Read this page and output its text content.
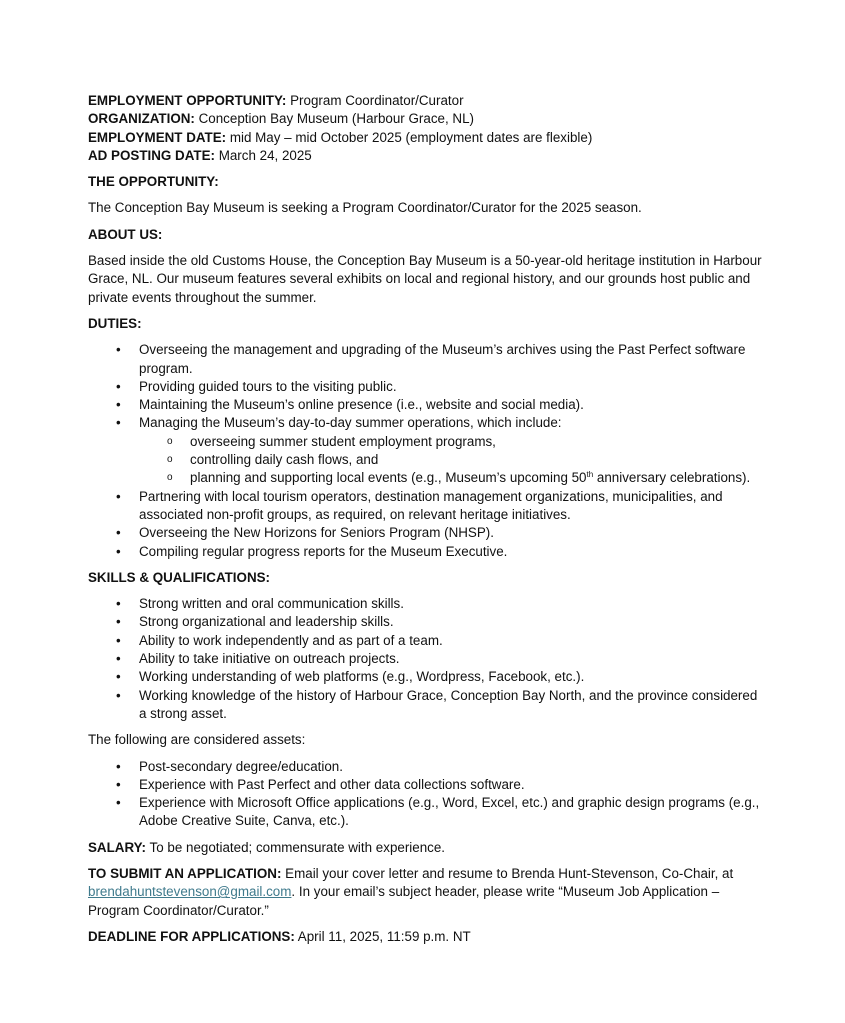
EMPLOYMENT OPPORTUNITY: Program Coordinator/Curator
ORGANIZATION: Conception Bay Museum (Harbour Grace, NL)
EMPLOYMENT DATE: mid May – mid October 2025 (employment dates are flexible)
AD POSTING DATE: March 24, 2025
THE OPPORTUNITY:

The Conception Bay Museum is seeking a Program Coordinator/Curator for the 2025 season.

ABOUT US:

Based inside the old Customs House, the Conception Bay Museum is a 50-year-old heritage institution in Harbour Grace, NL. Our museum features several exhibits on local and regional history, and our grounds host public and private events throughout the summer.

DUTIES:
• Overseeing the management and upgrading of the Museum’s archives using the Past Perfect software program.
• Providing guided tours to the visiting public.
• Maintaining the Museum’s online presence (i.e., website and social media).
• Managing the Museum’s day-to-day summer operations, which include:
o overseeing summer student employment programs,
o controlling daily cash flows, and
o planning and supporting local events (e.g., Museum’s upcoming 50th anniversary celebrations).
• Partnering with local tourism operators, destination management organizations, municipalities, and associated non-profit groups, as required, on relevant heritage initiatives.
• Overseeing the New Horizons for Seniors Program (NHSP).
• Compiling regular progress reports for the Museum Executive.
SKILLS & QUALIFICATIONS:
• Strong written and oral communication skills.
• Strong organizational and leadership skills.
• Ability to work independently and as part of a team.
• Ability to take initiative on outreach projects.
• Working understanding of web platforms (e.g., Wordpress, Facebook, etc.).
• Working knowledge of the history of Harbour Grace, Conception Bay North, and the province considered a strong asset.

The following are considered assets:

• Post-secondary degree/education.
• Experience with Past Perfect and other data collections software.
• Experience with Microsoft Office applications (e.g., Word, Excel, etc.) and graphic design programs (e.g., Adobe Creative Suite, Canva, etc.).

SALARY: To be negotiated; commensurate with experience.

TO SUBMIT AN APPLICATION: Email your cover letter and resume to Brenda Hunt-Stevenson, Co-Chair, at brendahuntstevenson@gmail.com. In your email’s subject header, please write “Museum Job Application – Program Coordinator/Curator.”

DEADLINE FOR APPLICATIONS: April 11, 2025, 11:59 p.m. NT
